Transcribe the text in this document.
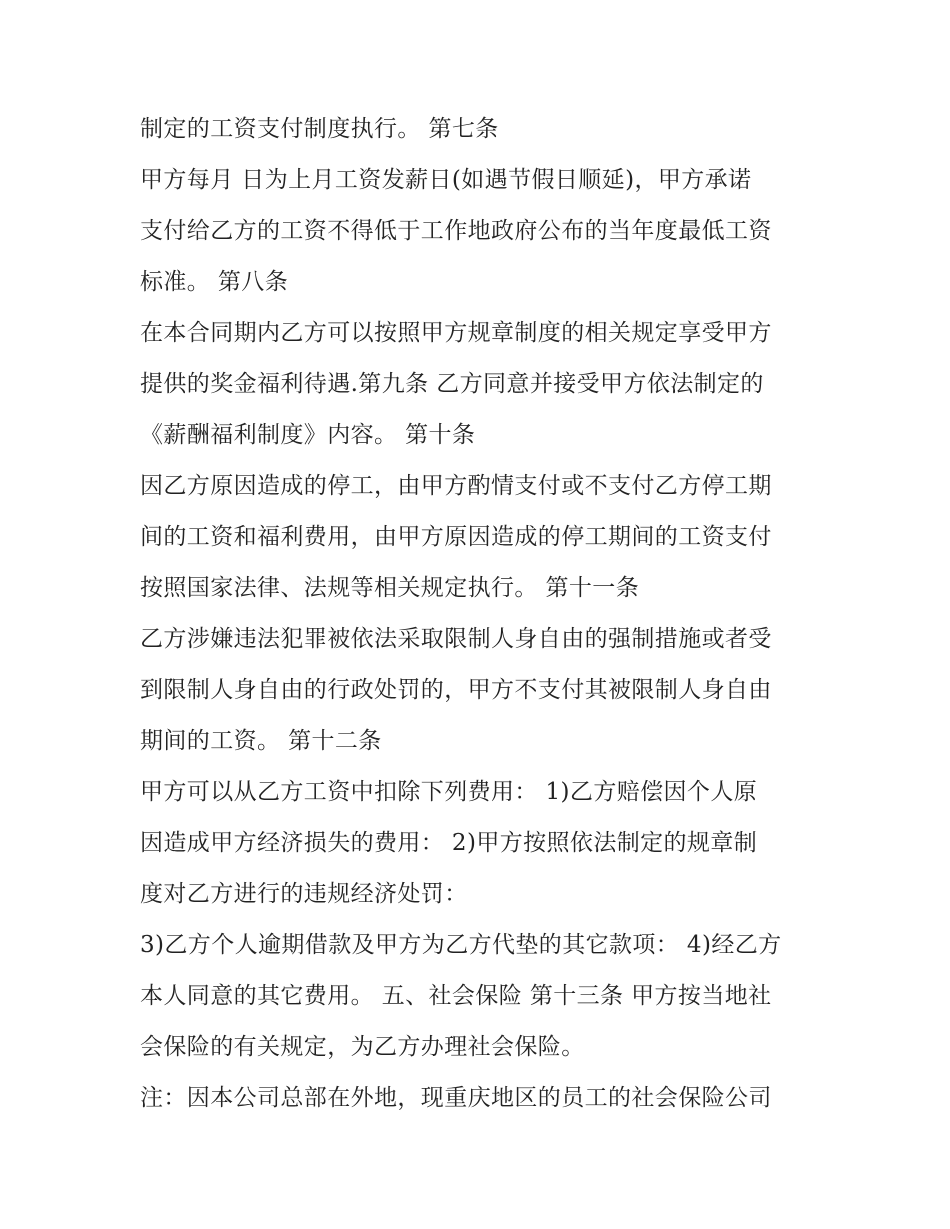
制定的工资支付制度执行。 第七条
甲方每月 日为上月工资发薪日(如遇节假日顺延)，甲方承诺
支付给乙方的工资不得低于工作地政府公布的当年度最低工资
标准。 第八条
在本合同期内乙方可以按照甲方规章制度的相关规定享受甲方
提供的奖金福利待遇.第九条 乙方同意并接受甲方依法制定的
《薪酬福利制度》内容。 第十条
因乙方原因造成的停工，由甲方酌情支付或不支付乙方停工期
间的工资和福利费用，由甲方原因造成的停工期间的工资支付
按照国家法律、法规等相关规定执行。 第十一条
乙方涉嫌违法犯罪被依法采取限制人身自由的强制措施或者受
到限制人身自由的行政处罚的，甲方不支付其被限制人身自由
期间的工资。 第十二条
甲方可以从乙方工资中扣除下列费用： 1)乙方赔偿因个人原
因造成甲方经济损失的费用： 2)甲方按照依法制定的规章制
度对乙方进行的违规经济处罚：
3)乙方个人逾期借款及甲方为乙方代垫的其它款项： 4)经乙方
本人同意的其它费用。 五、社会保险 第十三条 甲方按当地社
会保险的有关规定，为乙方办理社会保险。
注：因本公司总部在外地，现重庆地区的员工的社会保险公司
